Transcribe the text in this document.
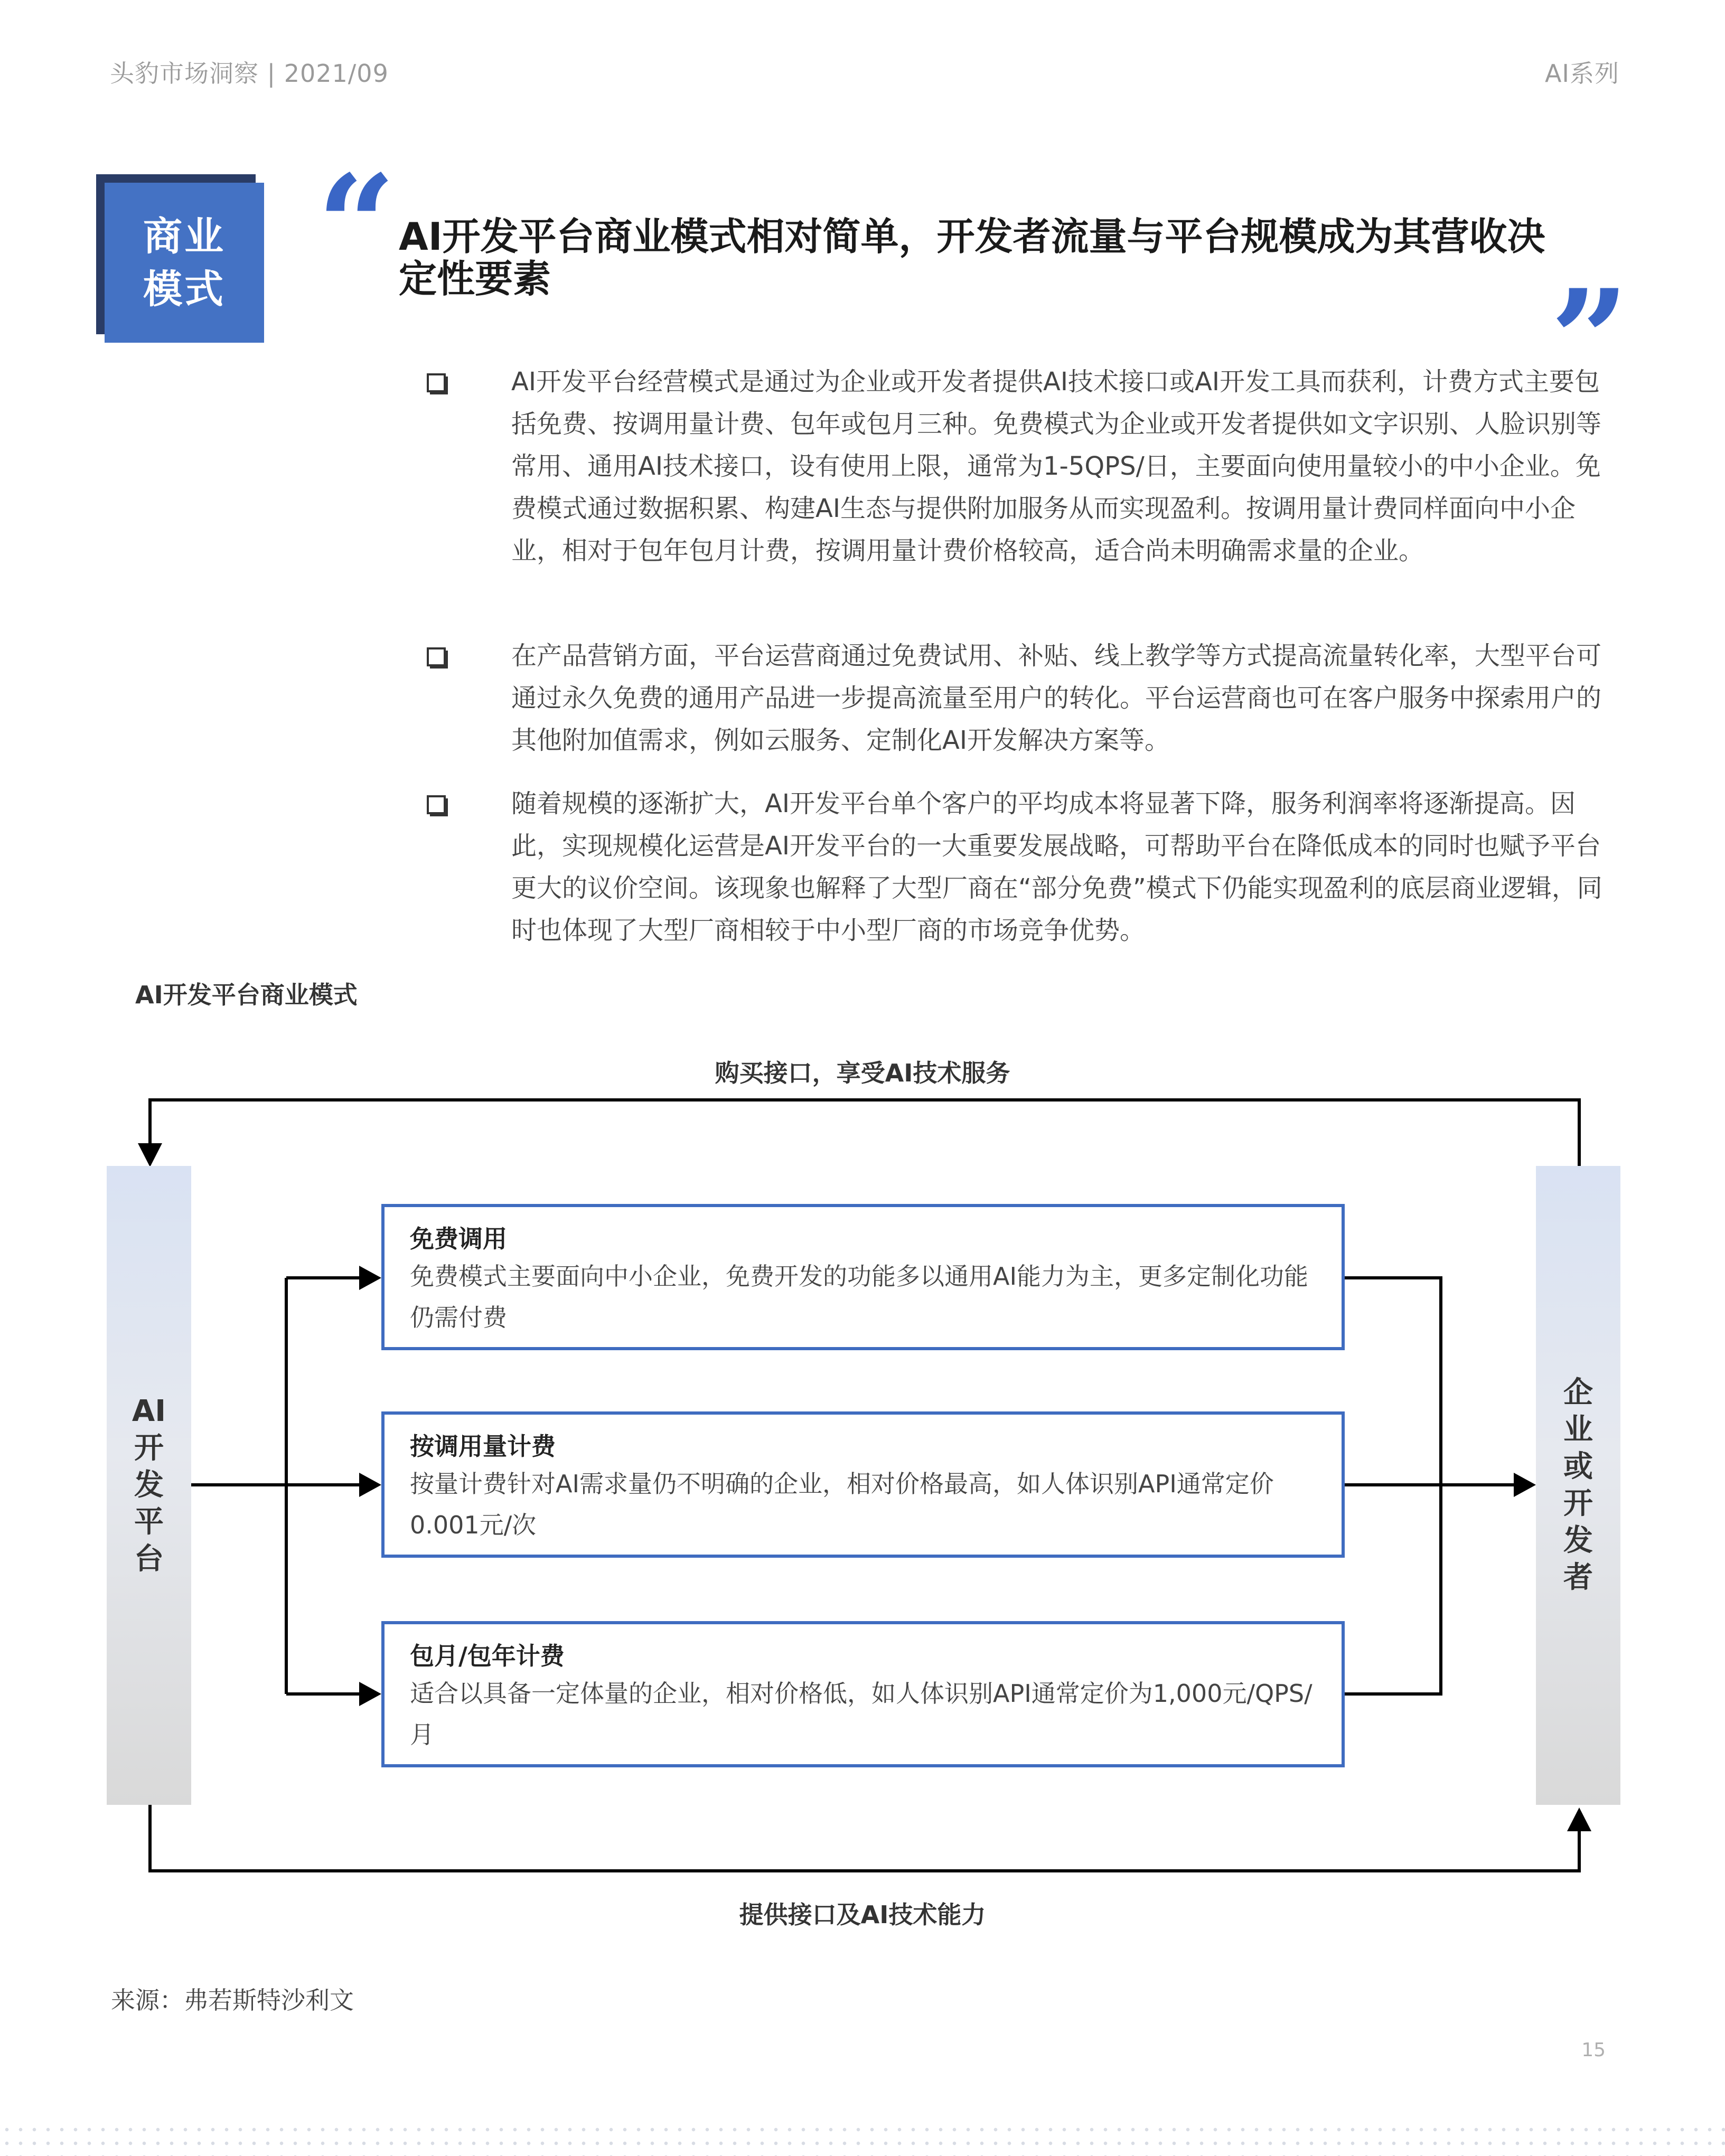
头豹市场洞察 | 2021/09	AI系列
商业
模式 “ AI开发平台商业模式相对简单，开发者流量与平台规模成为其营收决定性要素	”
AI开发平台经营模式是通过为企业或开发者提供AI技术接口或AI开发工具而获利，计费方式主要包括免费、按调用量计费、包年或包月三种。免费模式为企业或开发者提供如文字识别、人脸识别等常用、通用AI技术接口，设有使用上限，通常为1-5QPS/日，主要面向使用量较小的中小企业。免费模式通过数据积累、构建AI生态与提供附加服务从而实现盈利。按调用量计费同样面向中小企业，相对于包年包月计费，按调用量计费价格较高，适合尚未明确需求量的企业。
在产品营销方面，平台运营商通过免费试用、补贴、线上教学等方式提高流量转化率，大型平台可通过永久免费的通用产品进一步提高流量至用户的转化。平台运营商也可在客户服务中探索用户的其他附加值需求，例如云服务、定制化AI开发解决方案等。
随着规模的逐渐扩大，AI开发平台单个客户的平均成本将显著下降，服务利润率将逐渐提高。因此，实现规模化运营是AI开发平台的一大重要发展战略，可帮助平台在降低成本的同时也赋予平台更大的议价空间。该现象也解释了大型厂商在“部分免费”模式下仍能实现盈利的底层商业逻辑，同时也体现了大型厂商相较于中小型厂商的市场竞争优势。
AI开发平台商业模式
购买接口，享受AI技术服务
提供接口及AI技术能力
AI
开
发
平
台
企
业
或
开
发
者
免费调用
免费模式主要面向中小企业，免费开发的功能多以通用AI能力为主，更多定制化功能仍需付费
按调用量计费
按量计费针对AI需求量仍不明确的企业，相对价格最高，如人体识别API通常定价0.001元/次
包月/包年计费
适合以具备一定体量的企业，相对价格低，如人体识别API通常定价为1,000元/QPS/月
来源：弗若斯特沙利文
15
